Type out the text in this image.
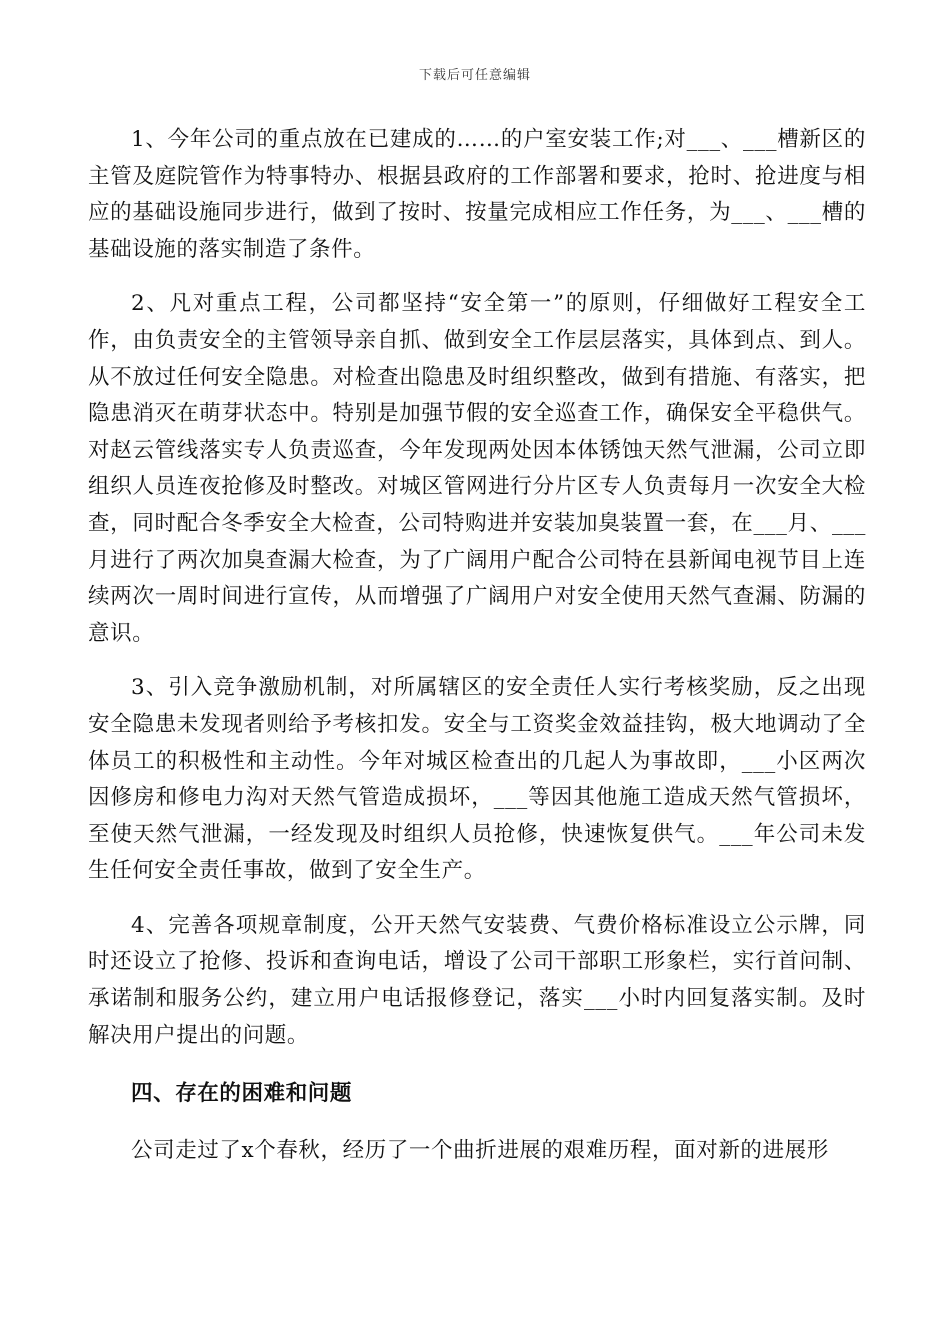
下载后可任意编辑

1、今年公司的重点放在已建成的……的户室安装工作;对___、___槽新区的主管及庭院管作为特事特办、根据县政府的工作部署和要求，抢时、抢进度与相应的基础设施同步进行，做到了按时、按量完成相应工作任务，为___、___槽的基础设施的落实制造了条件。

2、凡对重点工程，公司都坚持“安全第一”的原则，仔细做好工程安全工作，由负责安全的主管领导亲自抓、做到安全工作层层落实，具体到点、到人。从不放过任何安全隐患。对检查出隐患及时组织整改，做到有措施、有落实，把隐患消灭在萌芽状态中。特别是加强节假的安全巡查工作，确保安全平稳供气。对赵云管线落实专人负责巡查，今年发现两处因本体锈蚀天然气泄漏，公司立即组织人员连夜抢修及时整改。对城区管网进行分片区专人负责每月一次安全大检查，同时配合冬季安全大检查，公司特购进并安装加臭装置一套，在___月、___月进行了两次加臭查漏大检查，为了广阔用户配合公司特在县新闻电视节目上连续两次一周时间进行宣传，从而增强了广阔用户对安全使用天然气查漏、防漏的意识。

3、引入竞争激励机制，对所属辖区的安全责任人实行考核奖励，反之出现安全隐患未发现者则给予考核扣发。安全与工资奖金效益挂钩，极大地调动了全体员工的积极性和主动性。今年对城区检查出的几起人为事故即，___小区两次因修房和修电力沟对天然气管造成损坏，___等因其他施工造成天然气管损坏，至使天然气泄漏，一经发现及时组织人员抢修，快速恢复供气。___年公司未发生任何安全责任事故，做到了安全生产。

4、完善各项规章制度，公开天然气安装费、气费价格标准设立公示牌，同时还设立了抢修、投诉和查询电话，增设了公司干部职工形象栏，实行首问制、承诺制和服务公约，建立用户电话报修登记，落实___小时内回复落实制。及时解决用户提出的问题。

四、存在的困难和问题

公司走过了x个春秋，经历了一个曲折进展的艰难历程，面对新的进展形
